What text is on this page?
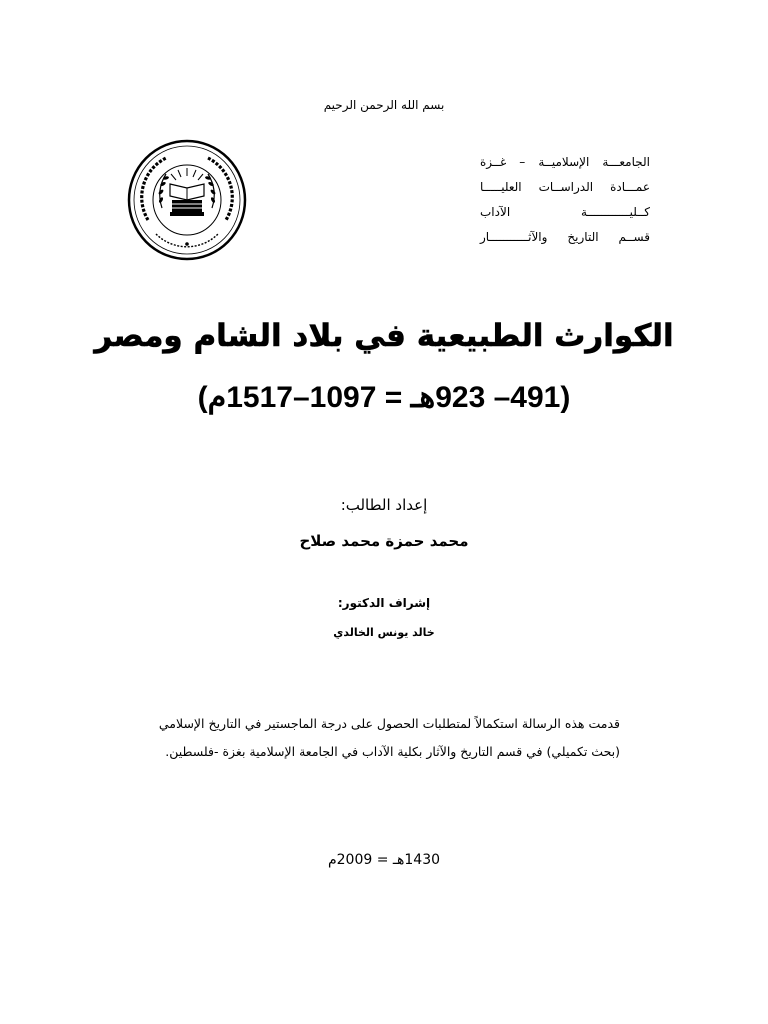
بسم الله الرحمن الرحيم
الجامعـــة الإسلاميــة – غــزة
عمـــادة الدراســات العليـــــا
كــليــــــــــــة الآداب
قســم التاريخ والآثـــــــــــار
الكوارث الطبيعية في بلاد الشام ومصر
(491– 923هـ = 1097–1517م)
إعداد الطالب:
محمد حمزة محمد صلاح
إشراف الدكتور:
خالد يونس الخالدي
قدمت هذه الرسالة استكمالاً لمتطلبات الحصول على درجة الماجستير في التاريخ الإسلامي
(بحث تكميلي) في قسم التاريخ والآثار بكلية الآداب في الجامعة الإسلامية بغزة -فلسطين.
1430هـ = 2009م
